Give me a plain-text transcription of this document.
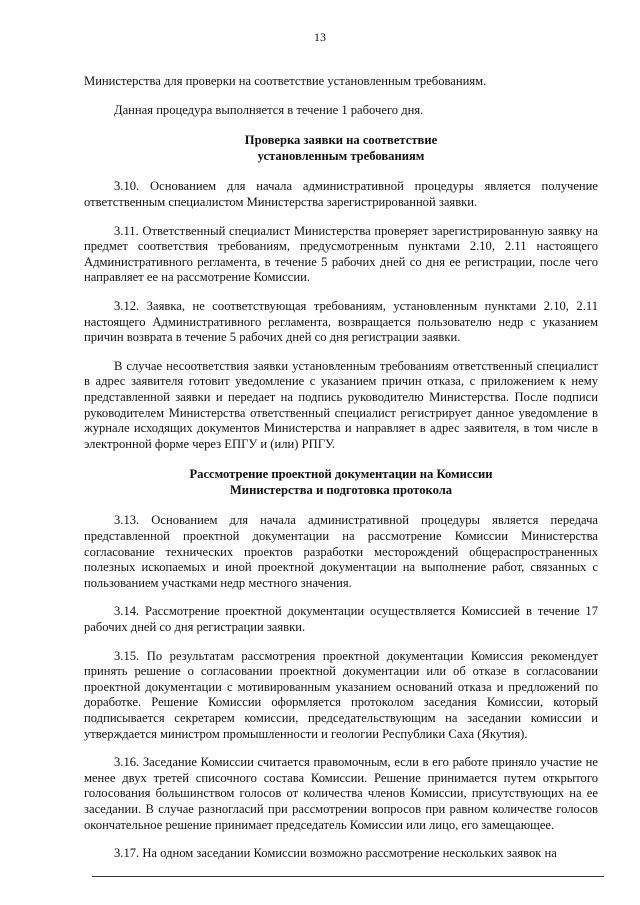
13

Министерства для проверки на соответствие установленным требованиям.

Данная процедура выполняется в течение 1 рабочего дня.

Проверка заявки на соответствие
установленным требованиям

3.10. Основанием для начала административной процедуры является получение ответственным специалистом Министерства зарегистрированной заявки.

3.11. Ответственный специалист Министерства проверяет зарегистрированную заявку на предмет соответствия требованиям, предусмотренным пунктами 2.10, 2.11 настоящего Административного регламента, в течение 5 рабочих дней со дня ее регистрации, после чего направляет ее на рассмотрение Комиссии.

3.12. Заявка, не соответствующая требованиям, установленным пунктами 2.10, 2.11 настоящего Административного регламента, возвращается пользователю недр с указанием причин возврата в течение 5 рабочих дней со дня регистрации заявки.

В случае несоответствия заявки установленным требованиям ответственный специалист в адрес заявителя готовит уведомление с указанием причин отказа, с приложением к нему представленной заявки и передает на подпись руководителю Министерства. После подписи руководителем Министерства ответственный специалист регистрирует данное уведомление в журнале исходящих документов Министерства и направляет в адрес заявителя, в том числе в электронной форме через ЕПГУ и (или) РПГУ.

Рассмотрение проектной документации на Комиссии
Министерства и подготовка протокола

3.13. Основанием для начала административной процедуры является передача представленной проектной документации на рассмотрение Комиссии Министерства согласование технических проектов разработки месторождений общераспространенных полезных ископаемых и иной проектной документации на выполнение работ, связанных с пользованием участками недр местного значения.

3.14. Рассмотрение проектной документации осуществляется Комиссией в течение 17 рабочих дней со дня регистрации заявки.

3.15. По результатам рассмотрения проектной документации Комиссия рекомендует принять решение о согласовании проектной документации или об отказе в согласовании проектной документации с мотивированным указанием оснований отказа и предложений по доработке. Решение Комиссии оформляется протоколом заседания Комиссии, который подписывается секретарем комиссии, председательствующим на заседании комиссии и утверждается министром промышленности и геологии Республики Саха (Якутия).

3.16. Заседание Комиссии считается правомочным, если в его работе приняло участие не менее двух третей списочного состава Комиссии. Решение принимается путем открытого голосования большинством голосов от количества членов Комиссии, присутствующих на ее заседании. В случае разногласий при рассмотрении вопросов при равном количестве голосов окончательное решение принимает председатель Комиссии или лицо, его замещающее.

3.17. На одном заседании Комиссии возможно рассмотрение нескольких заявок на
